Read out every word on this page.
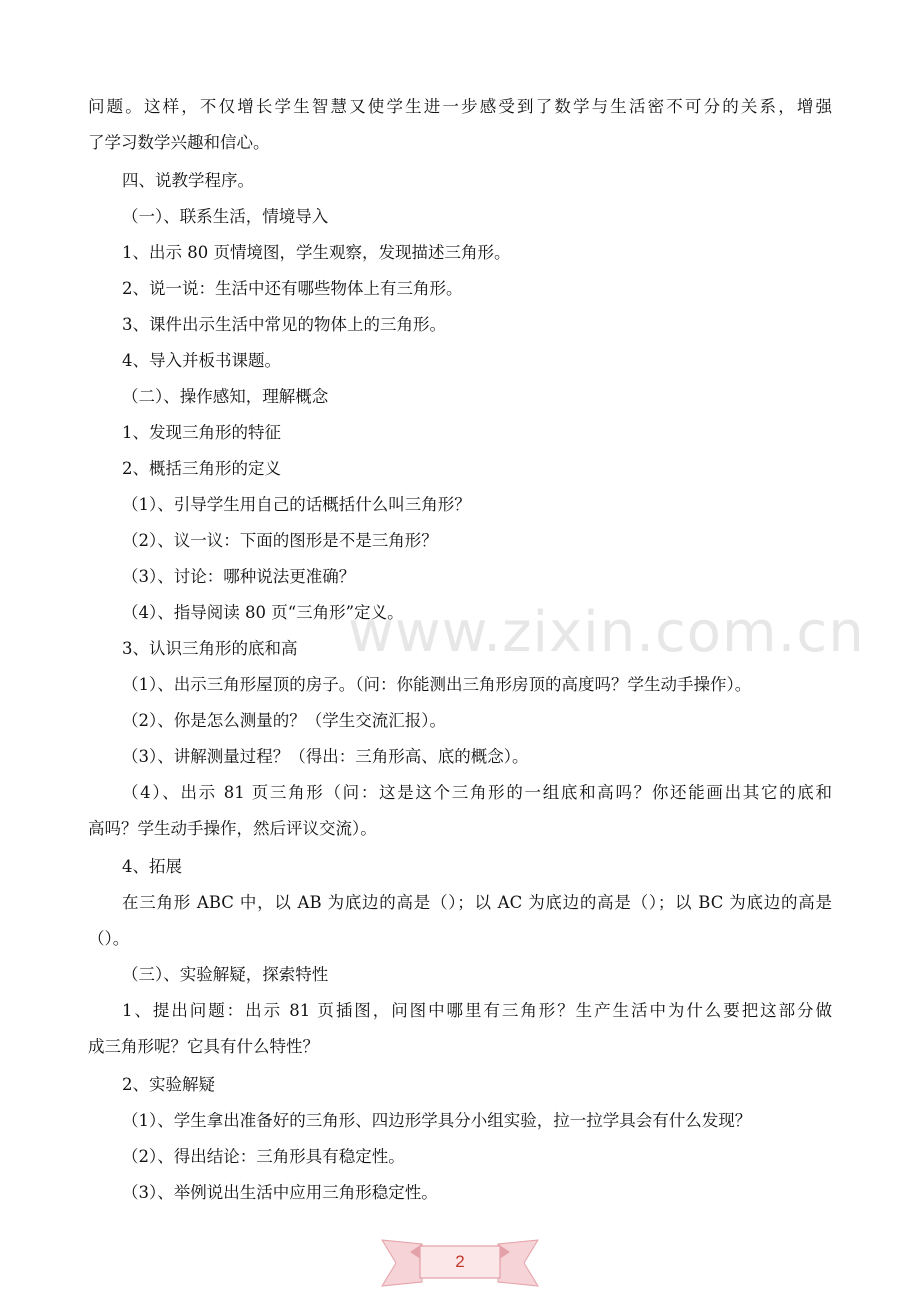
www.zixin.com.cn
问题。这样，不仅增长学生智慧又使学生进一步感受到了数学与生活密不可分的关系，增强
了学习数学兴趣和信心。
四、说教学程序。
（一）、联系生活，情境导入
1、出示 80 页情境图，学生观察，发现描述三角形。
2、说一说：生活中还有哪些物体上有三角形。
3、课件出示生活中常见的物体上的三角形。
4、导入并板书课题。
（二）、操作感知，理解概念
1、发现三角形的特征
2、概括三角形的定义
（1）、引导学生用自己的话概括什么叫三角形？
（2）、议一议：下面的图形是不是三角形？
（3）、讨论：哪种说法更准确？
（4）、指导阅读 80 页“三角形”定义。
3、认识三角形的底和高
（1）、出示三角形屋顶的房子。（问：你能测出三角形房顶的高度吗？学生动手操作）。
（2）、你是怎么测量的？（学生交流汇报）。
（3）、讲解测量过程？（得出：三角形高、底的概念）。
（4）、出示 81 页三角形（问：这是这个三角形的一组底和高吗？你还能画出其它的底和
高吗？学生动手操作，然后评议交流）。
4、拓展
在三角形 ABC 中，以 AB 为底边的高是（）；以 AC 为底边的高是（）；以 BC 为底边的高是
（）。
（三）、实验解疑，探索特性
1、提出问题：出示 81 页插图，问图中哪里有三角形？生产生活中为什么要把这部分做
成三角形呢？它具有什么特性？
2、实验解疑
（1）、学生拿出准备好的三角形、四边形学具分小组实验，拉一拉学具会有什么发现？
（2）、得出结论：三角形具有稳定性。
（3）、举例说出生活中应用三角形稳定性。
2
